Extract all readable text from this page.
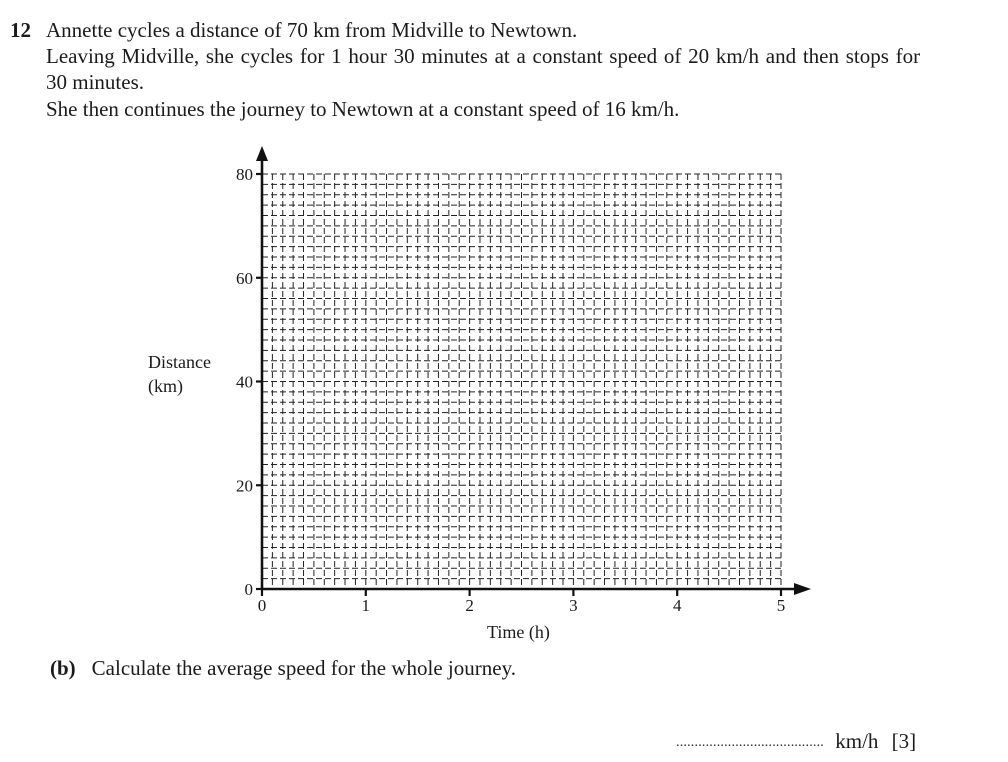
12 Annette cycles a distance of 70 km from Midville to Newtown.
Leaving Midville, she cycles for 1 hour 30 minutes at a constant speed of 20 km/h and then stops for
30 minutes.
She then continues the journey to Newtown at a constant speed of 16 km/h.
0
20
40
60
80
0	1	2	3	4	5
Distance
(km)
Time (h)
(b) Calculate the average speed for the whole journey.
........................................ km/h [3]
